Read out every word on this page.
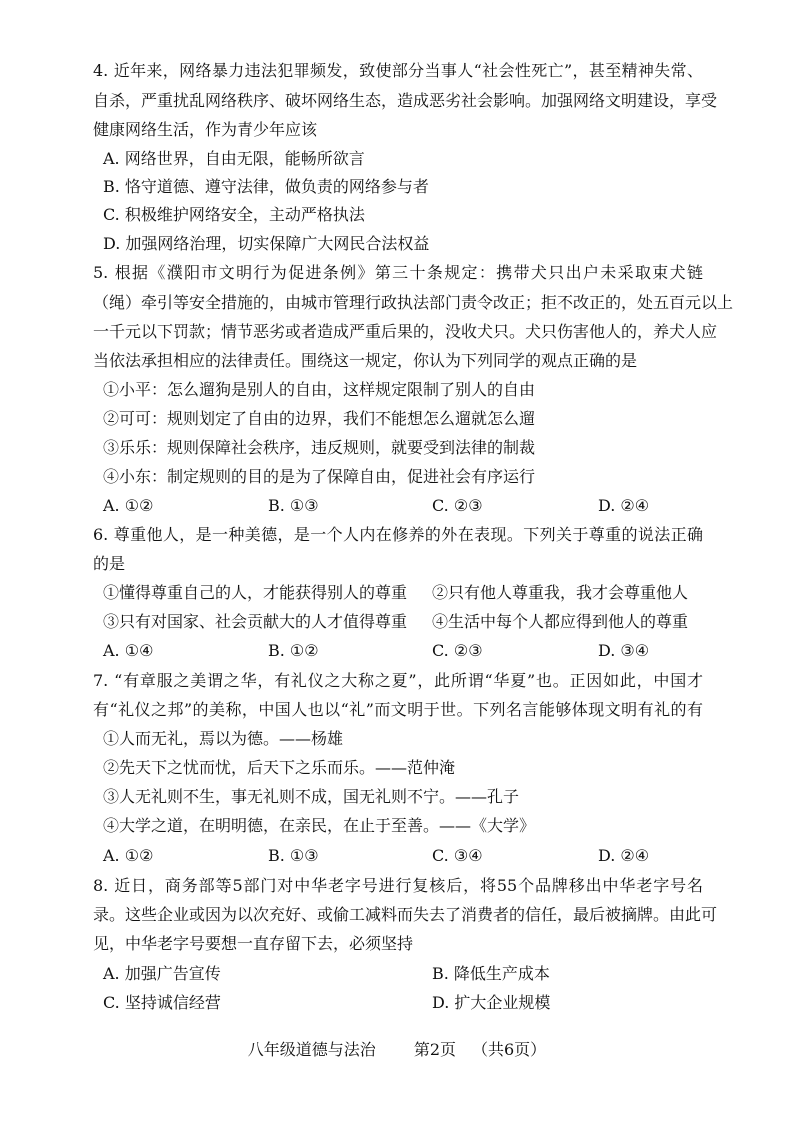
4. 近年来，网络暴力违法犯罪频发，致使部分当事人“社会性死亡”，甚至精神失常、
自杀，严重扰乱网络秩序、破坏网络生态，造成恶劣社会影响。加强网络文明建设，享受
健康网络生活，作为青少年应该
A. 网络世界，自由无限，能畅所欲言
B. 恪守道德、遵守法律，做负责的网络参与者
C. 积极维护网络安全，主动严格执法
D. 加强网络治理，切实保障广大网民合法权益
5. 根据《濮阳市文明行为促进条例》第三十条规定：携带犬只出户未采取束犬链
（绳）牵引等安全措施的，由城市管理行政执法部门责令改正；拒不改正的，处五百元以上
一千元以下罚款；情节恶劣或者造成严重后果的，没收犬只。犬只伤害他人的，养犬人应
当依法承担相应的法律责任。围绕这一规定，你认为下列同学的观点正确的是
①小平：怎么遛狗是别人的自由，这样规定限制了别人的自由
②可可：规则划定了自由的边界，我们不能想怎么遛就怎么遛
③乐乐：规则保障社会秩序，违反规则，就要受到法律的制裁
④小东：制定规则的目的是为了保障自由，促进社会有序运行
A. ①②	B. ①③	C. ②③	D. ②④
6. 尊重他人，是一种美德，是一个人内在修养的外在表现。下列关于尊重的说法正确
的是
①懂得尊重自己的人，才能获得别人的尊重 ②只有他人尊重我，我才会尊重他人
③只有对国家、社会贡献大的人才值得尊重 ④生活中每个人都应得到他人的尊重
A. ①④	B. ①②	C. ②③	D. ③④
7. “有章服之美谓之华，有礼仪之大称之夏”，此所谓“华夏”也。正因如此，中国才
有“礼仪之邦”的美称，中国人也以“礼”而文明于世。下列名言能够体现文明有礼的有
①人而无礼，焉以为德。——杨雄
②先天下之忧而忧，后天下之乐而乐。——范仲淹
③人无礼则不生，事无礼则不成，国无礼则不宁。——孔子
④大学之道，在明明德，在亲民，在止于至善。——《大学》
A. ①②	B. ①③	C. ③④	D. ②④
8. 近日，商务部等5部门对中华老字号进行复核后，将55个品牌移出中华老字号名
录。这些企业或因为以次充好、或偷工减料而失去了消费者的信任，最后被摘牌。由此可
见，中华老字号要想一直存留下去，必须坚持
A. 加强广告宣传	B. 降低生产成本
C. 坚持诚信经营	D. 扩大企业规模
八年级道德与法治 第2页 （共6页）
